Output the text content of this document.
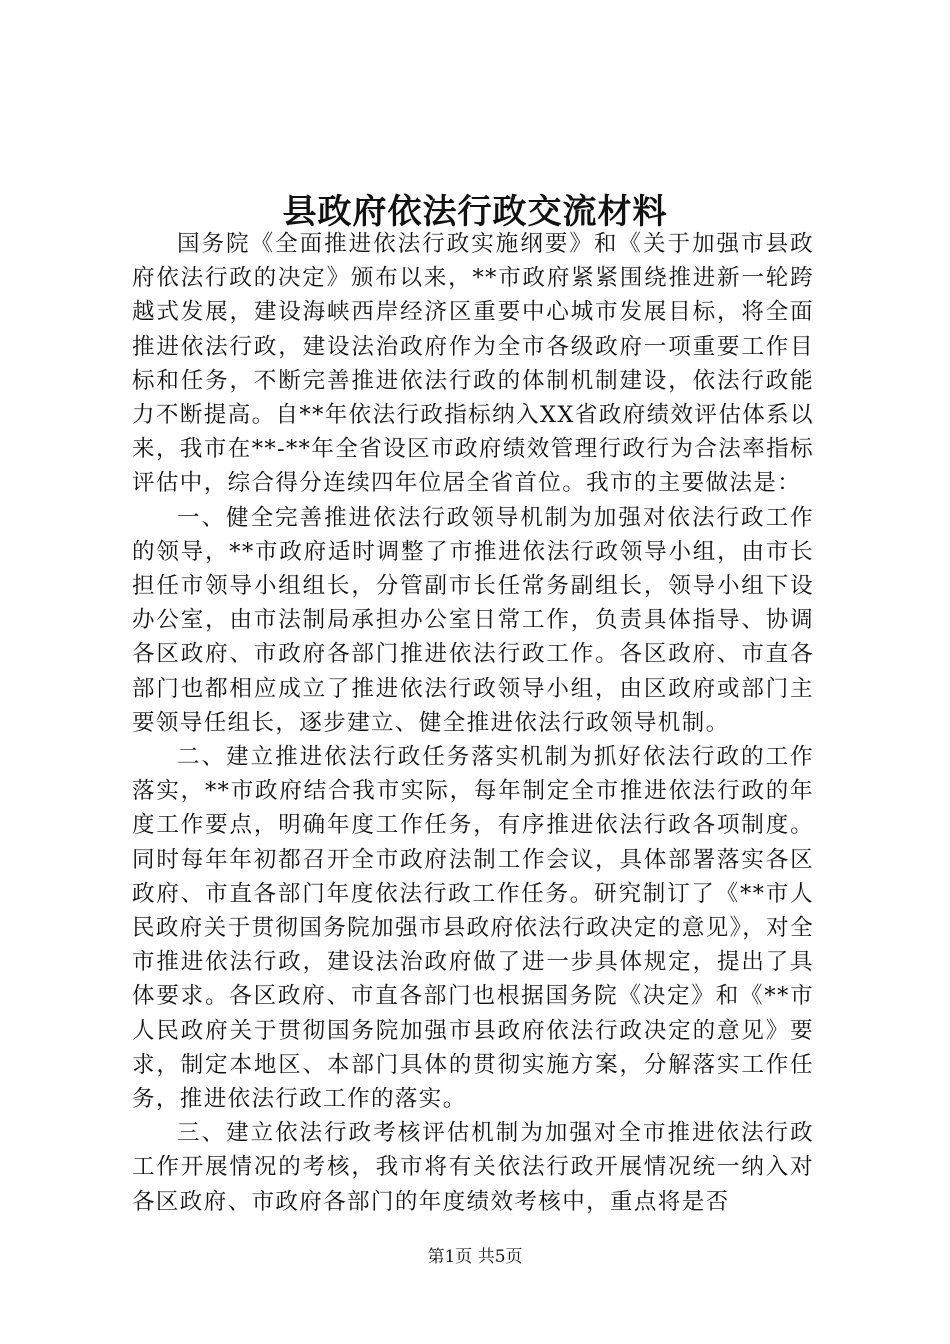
县政府依法行政交流材料

国务院《全面推进依法行政实施纲要》和《关于加强市县政府依法行政的决定》颁布以来，**市政府紧紧围绕推进新一轮跨越式发展，建设海峡西岸经济区重要中心城市发展目标，将全面推进依法行政，建设法治政府作为全市各级政府一项重要工作目标和任务，不断完善推进依法行政的体制机制建设，依法行政能力不断提高。自**年依法行政指标纳入XX省政府绩效评估体系以来，我市在**-**年全省设区市政府绩效管理行政行为合法率指标评估中，综合得分连续四年位居全省首位。我市的主要做法是：

一、健全完善推进依法行政领导机制为加强对依法行政工作的领导，**市政府适时调整了市推进依法行政领导小组，由市长担任市领导小组组长，分管副市长任常务副组长，领导小组下设办公室，由市法制局承担办公室日常工作，负责具体指导、协调各区政府、市政府各部门推进依法行政工作。各区政府、市直各部门也都相应成立了推进依法行政领导小组，由区政府或部门主要领导任组长，逐步建立、健全推进依法行政领导机制。

二、建立推进依法行政任务落实机制为抓好依法行政的工作落实，**市政府结合我市实际，每年制定全市推进依法行政的年度工作要点，明确年度工作任务，有序推进依法行政各项制度。同时每年年初都召开全市政府法制工作会议，具体部署落实各区政府、市直各部门年度依法行政工作任务。研究制订了《**市人民政府关于贯彻国务院加强市县政府依法行政决定的意见》，对全市推进依法行政，建设法治政府做了进一步具体规定，提出了具体要求。各区政府、市直各部门也根据国务院《决定》和《**市人民政府关于贯彻国务院加强市县政府依法行政决定的意见》要求，制定本地区、本部门具体的贯彻实施方案，分解落实工作任务，推进依法行政工作的落实。

三、建立依法行政考核评估机制为加强对全市推进依法行政工作开展情况的考核，我市将有关依法行政开展情况统一纳入对各区政府、市政府各部门的年度绩效考核中，重点将是否

第1页 共5页
